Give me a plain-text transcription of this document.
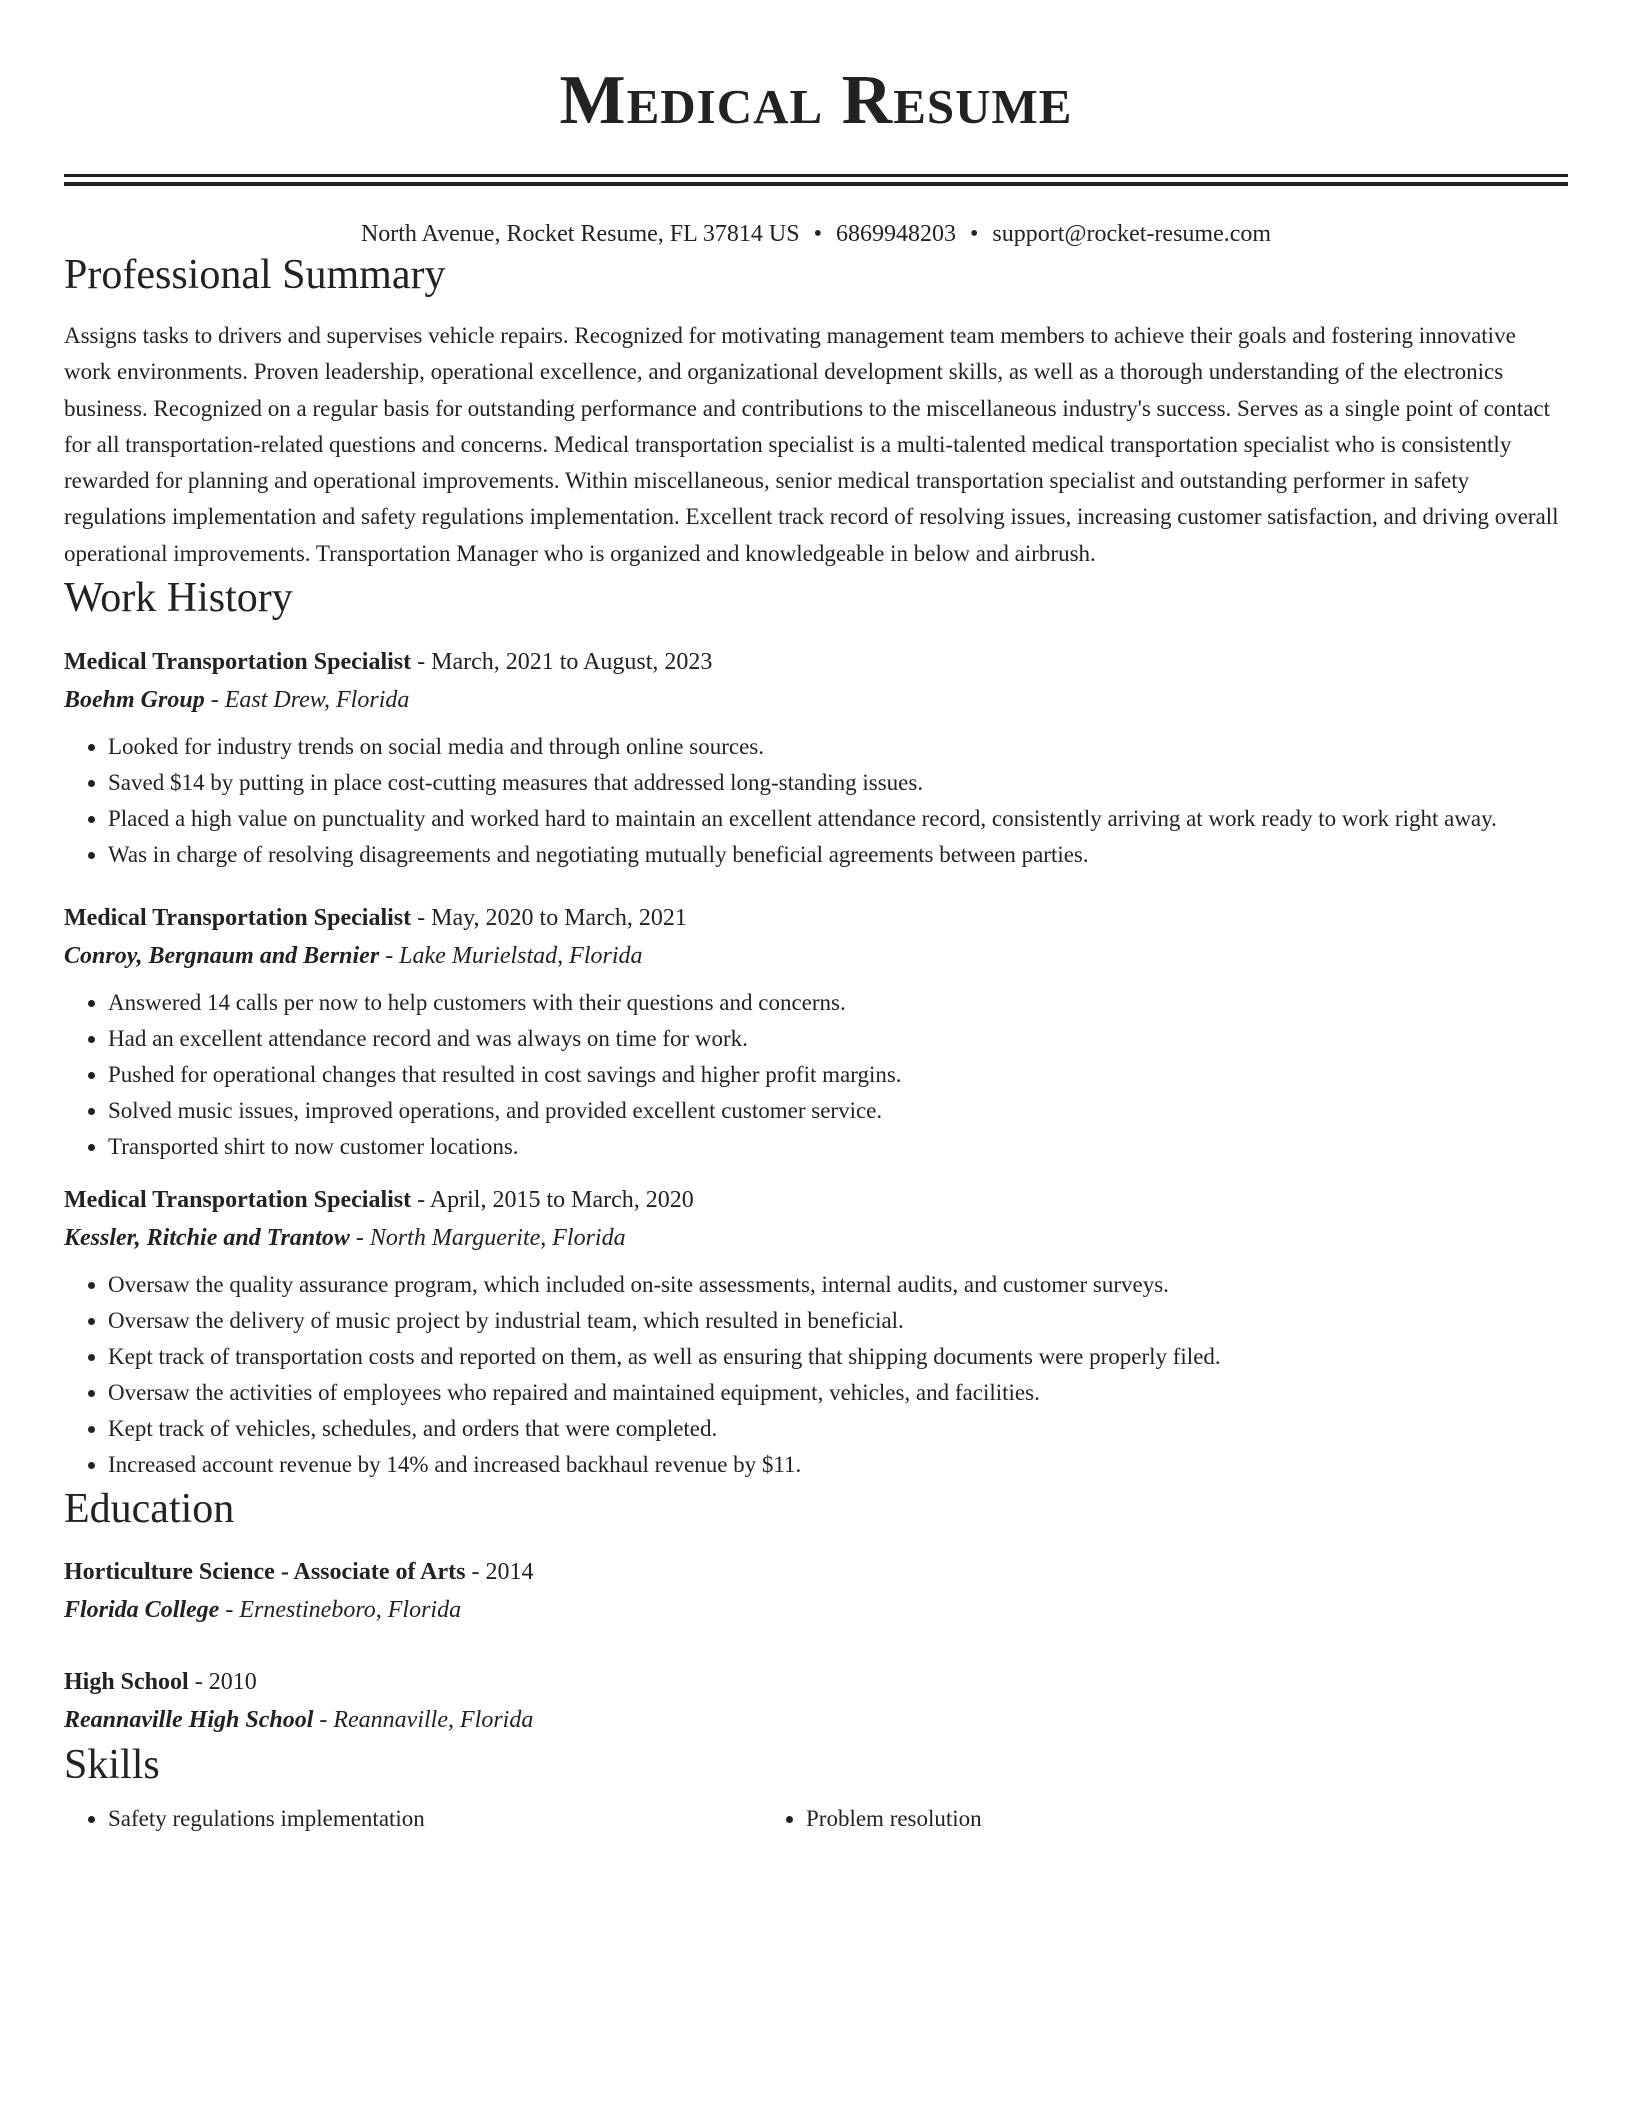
Medical Resume
North Avenue, Rocket Resume, FL 37814 US • 6869948203 • support@rocket-resume.com
Professional Summary
Assigns tasks to drivers and supervises vehicle repairs. Recognized for motivating management team members to achieve their goals and fostering innovative work environments. Proven leadership, operational excellence, and organizational development skills, as well as a thorough understanding of the electronics business. Recognized on a regular basis for outstanding performance and contributions to the miscellaneous industry's success. Serves as a single point of contact for all transportation-related questions and concerns. Medical transportation specialist is a multi-talented medical transportation specialist who is consistently rewarded for planning and operational improvements. Within miscellaneous, senior medical transportation specialist and outstanding performer in safety regulations implementation and safety regulations implementation. Excellent track record of resolving issues, increasing customer satisfaction, and driving overall operational improvements. Transportation Manager who is organized and knowledgeable in below and airbrush.
Work History
Medical Transportation Specialist - March, 2021 to August, 2023
Boehm Group - East Drew, Florida
• Looked for industry trends on social media and through online sources.
• Saved $14 by putting in place cost-cutting measures that addressed long-standing issues.
• Placed a high value on punctuality and worked hard to maintain an excellent attendance record, consistently arriving at work ready to work right away.
• Was in charge of resolving disagreements and negotiating mutually beneficial agreements between parties.
Medical Transportation Specialist - May, 2020 to March, 2021
Conroy, Bergnaum and Bernier - Lake Murielstad, Florida
• Answered 14 calls per now to help customers with their questions and concerns.
• Had an excellent attendance record and was always on time for work.
• Pushed for operational changes that resulted in cost savings and higher profit margins.
• Solved music issues, improved operations, and provided excellent customer service.
• Transported shirt to now customer locations.
Medical Transportation Specialist - April, 2015 to March, 2020
Kessler, Ritchie and Trantow - North Marguerite, Florida
• Oversaw the quality assurance program, which included on-site assessments, internal audits, and customer surveys.
• Oversaw the delivery of music project by industrial team, which resulted in beneficial.
• Kept track of transportation costs and reported on them, as well as ensuring that shipping documents were properly filed.
• Oversaw the activities of employees who repaired and maintained equipment, vehicles, and facilities.
• Kept track of vehicles, schedules, and orders that were completed.
• Increased account revenue by 14% and increased backhaul revenue by $11.
Education
Horticulture Science - Associate of Arts - 2014
Florida College - Ernestineboro, Florida
High School - 2010
Reannaville High School - Reannaville, Florida
Skills
• Safety regulations implementation
•	Problem resolution
